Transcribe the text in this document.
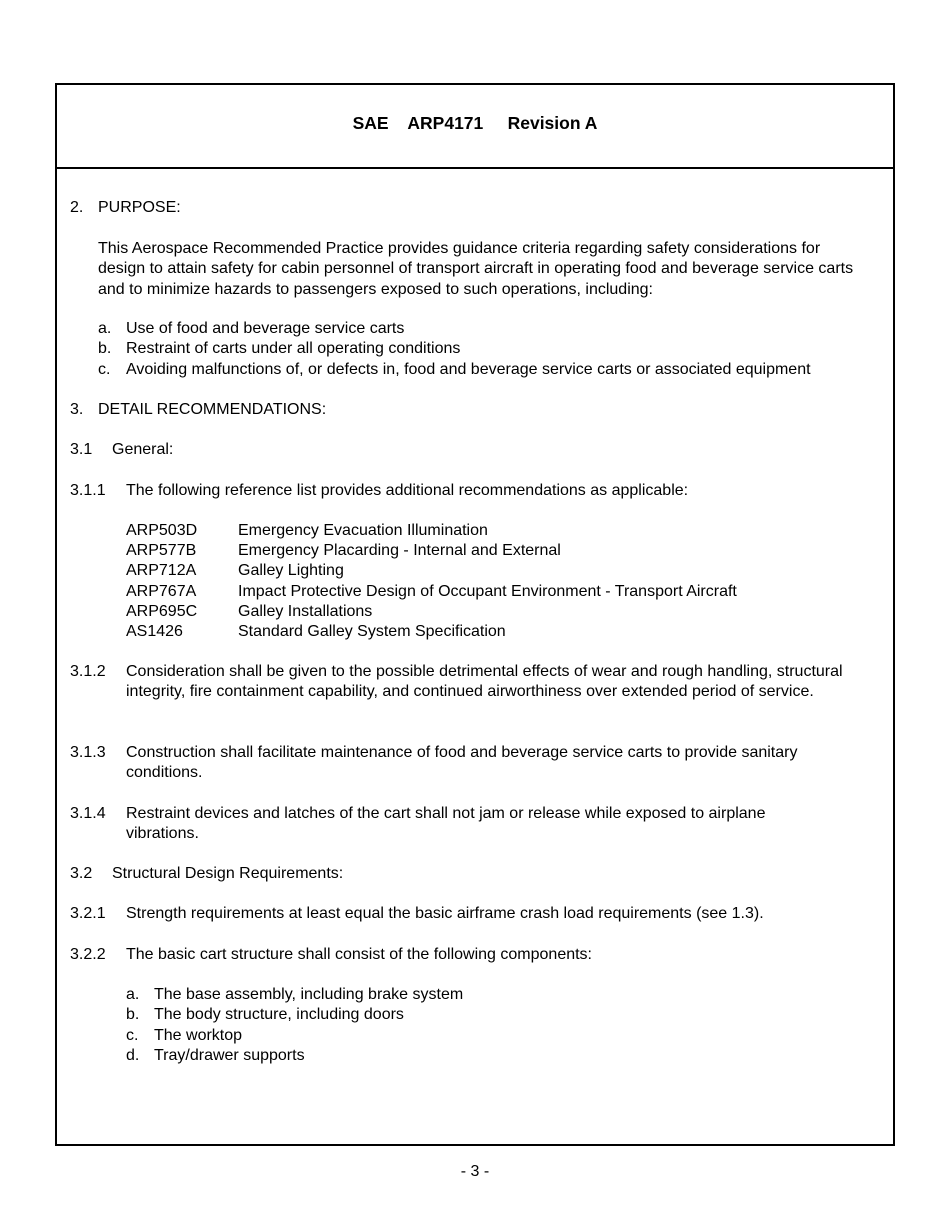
SAE ARP4171 Revision A
2. PURPOSE:
This Aerospace Recommended Practice provides guidance criteria regarding safety considerations for design to attain safety for cabin personnel of transport aircraft in operating food and beverage service carts and to minimize hazards to passengers exposed to such operations, including:
a. Use of food and beverage service carts
b. Restraint of carts under all operating conditions
c. Avoiding malfunctions of, or defects in, food and beverage service carts or associated equipment
3. DETAIL RECOMMENDATIONS:
3.1 General:
3.1.1 The following reference list provides additional recommendations as applicable:
ARP503D	Emergency Evacuation Illumination
ARP577B	Emergency Placarding - Internal and External
ARP712A	Galley Lighting
ARP767A	Impact Protective Design of Occupant Environment - Transport Aircraft
ARP695C	Galley Installations
AS1426	Standard Galley System Specification
3.1.2 Consideration shall be given to the possible detrimental effects of wear and rough handling, structural integrity, fire containment capability, and continued airworthiness over extended period of service.
3.1.3 Construction shall facilitate maintenance of food and beverage service carts to provide sanitary conditions.
3.1.4 Restraint devices and latches of the cart shall not jam or release while exposed to airplane vibrations.
3.2 Structural Design Requirements:
3.2.1 Strength requirements at least equal the basic airframe crash load requirements (see 1.3).
3.2.2 The basic cart structure shall consist of the following components:
a. The base assembly, including brake system
b. The body structure, including doors
c. The worktop
d. Tray/drawer supports
- 3 -
